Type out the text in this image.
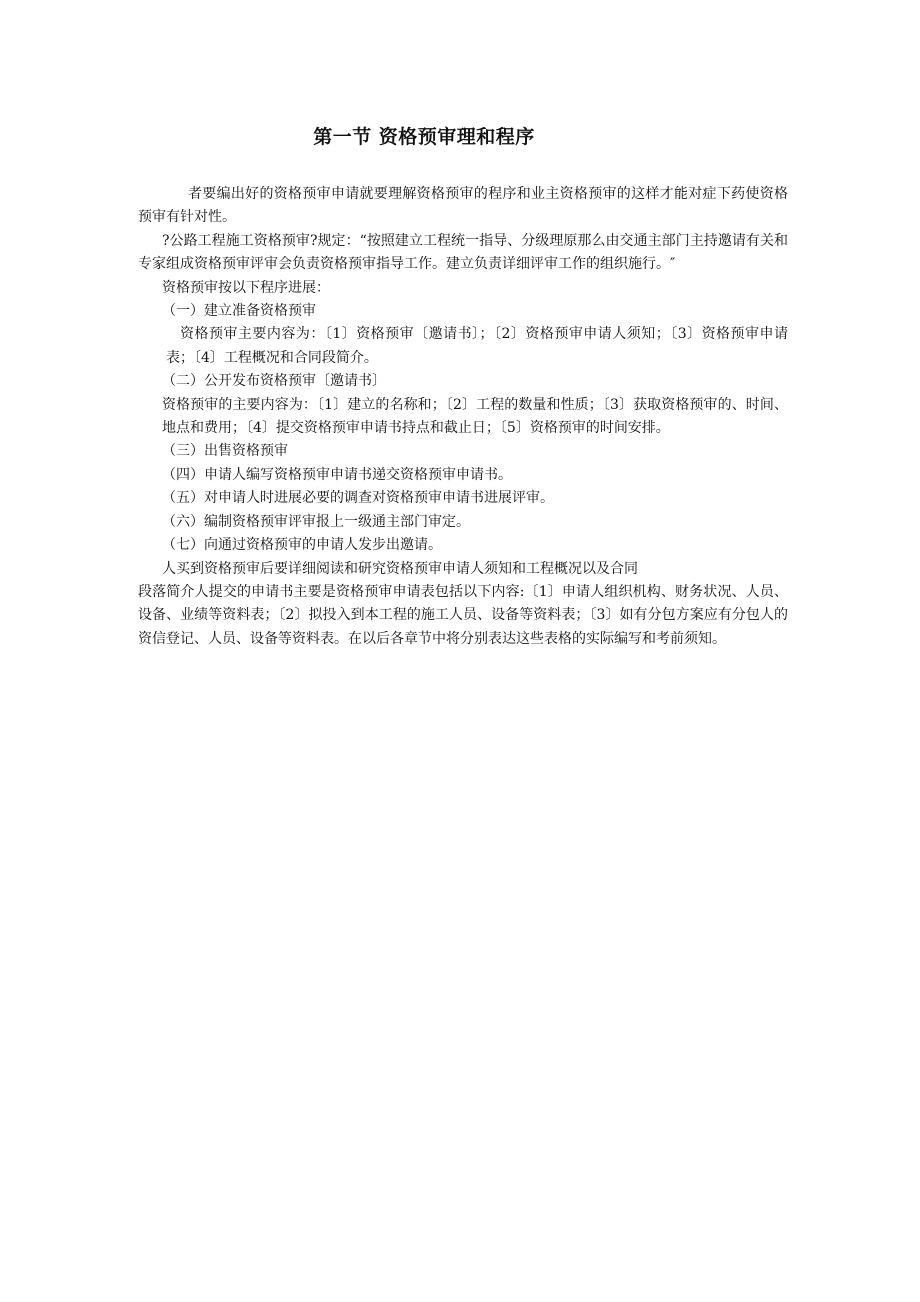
第一节 资格预审理和程序

者要编出好的资格预审申请就要理解资格预审的程序和业主资格预审的这样才能对症下药使资格预审有针对性。

?公路工程施工资格预审?规定：“按照建立工程统一指导、分级理原那么由交通主部门主持邀请有关和专家组成资格预审评审会负责资格预审指导工作。建立负责详细评审工作的组织施行。″

资格预审按以下程序进展：

（一）建立准备资格预审

资格预审主要内容为：〔1〕资格预审〔邀请书〕；〔2〕资格预审申请人须知；〔3〕资格预审申请表；〔4〕工程概况和合同段简介。

（二）公开发布资格预审〔邀请书〕

资格预审的主要内容为：〔1〕建立的名称和；〔2〕工程的数量和性质；〔3〕获取资格预审的、时间、地点和费用；〔4〕提交资格预审申请书持点和截止日；〔5〕资格预审的时间安排。

（三）出售资格预审

（四）申请人编写资格预审申请书递交资格预审申请书。

（五）对申请人时进展必要的调查对资格预审申请书进展评审。

（六）编制资格预审评审报上一级通主部门审定。

（七）向通过资格预审的申请人发步出邀请。

人买到资格预审后要详细阅读和研究资格预审申请人须知和工程概况以及合同

段落简介人提交的申请书主要是资格预审申请表包括以下内容:〔1〕申请人组织机构、财务状况、人员、设备、业绩等资料表；〔2〕拟投入到本工程的施工人员、设备等资料表；〔3〕如有分包方案应有分包人的资信登记、人员、设备等资料表。在以后各章节中将分别表达这些表格的实际编写和考前须知。
